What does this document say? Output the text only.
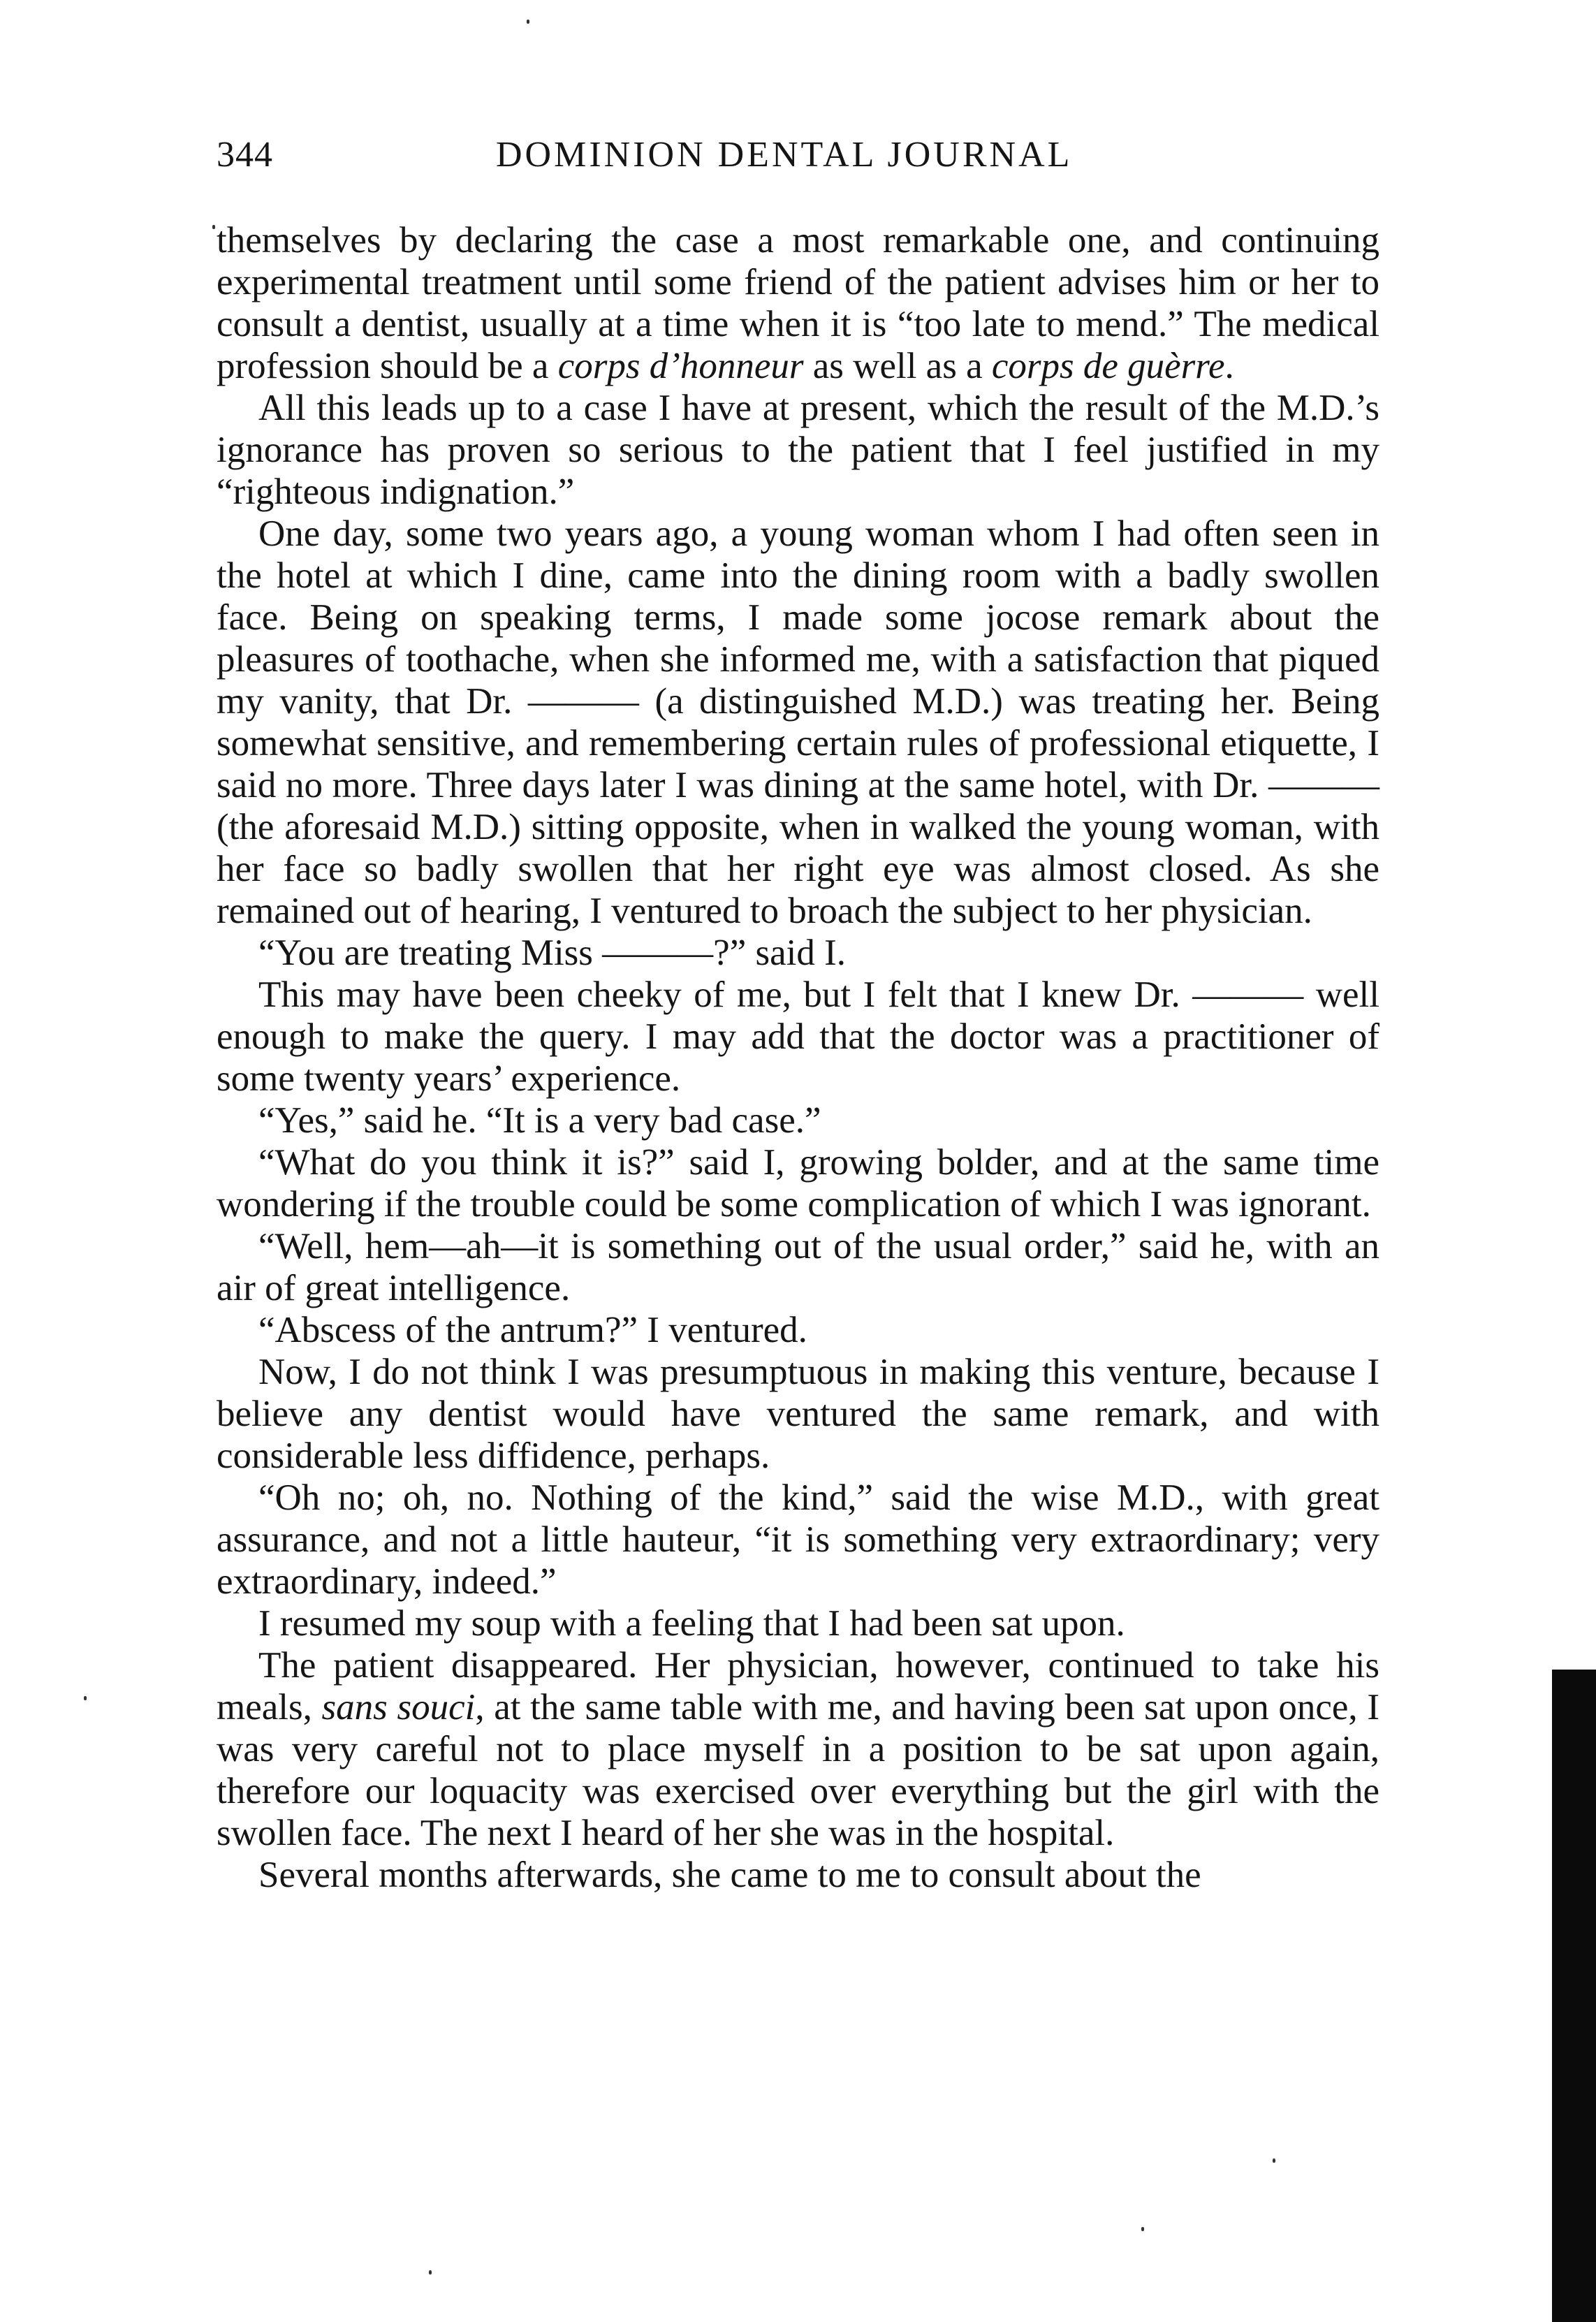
344	DOMINION DENTAL JOURNAL

themselves by declaring the case a most remarkable one, and continuing experimental treatment until some friend of the patient advises him or her to consult a dentist, usually at a time when it is “too late to mend.” The medical profession should be a corps d’honneur as well as a corps de guèrre.

All this leads up to a case I have at present, which the result of the M.D.’s ignorance has proven so serious to the patient that I feel justified in my “righteous indignation.”

One day, some two years ago, a young woman whom I had often seen in the hotel at which I dine, came into the dining room with a badly swollen face. Being on speaking terms, I made some jocose remark about the pleasures of toothache, when she informed me, with a satisfaction that piqued my vanity, that Dr. ——— (a distinguished M.D.) was treating her. Being somewhat sensitive, and remembering certain rules of professional etiquette, I said no more. Three days later I was dining at the same hotel, with Dr. ——— (the aforesaid M.D.) sitting opposite, when in walked the young woman, with her face so badly swollen that her right eye was almost closed. As she remained out of hearing, I ventured to broach the subject to her physician.

“You are treating Miss ———?” said I.

This may have been cheeky of me, but I felt that I knew Dr. ——— well enough to make the query. I may add that the doctor was a practitioner of some twenty years’ experience.

“Yes,” said he. “It is a very bad case.”

“What do you think it is?” said I, growing bolder, and at the same time wondering if the trouble could be some complication of which I was ignorant.

“Well, hem—ah—it is something out of the usual order,” said he, with an air of great intelligence.

“Abscess of the antrum?” I ventured.

Now, I do not think I was presumptuous in making this venture, because I believe any dentist would have ventured the same remark, and with considerable less diffidence, perhaps.

“Oh no; oh, no. Nothing of the kind,” said the wise M.D., with great assurance, and not a little hauteur, “it is something very extraordinary; very extraordinary, indeed.”

I resumed my soup with a feeling that I had been sat upon.

The patient disappeared. Her physician, however, continued to take his meals, sans souci, at the same table with me, and having been sat upon once, I was very careful not to place myself in a position to be sat upon again, therefore our loquacity was exercised over everything but the girl with the swollen face. The next I heard of her she was in the hospital.

Several months afterwards, she came to me to consult about the
